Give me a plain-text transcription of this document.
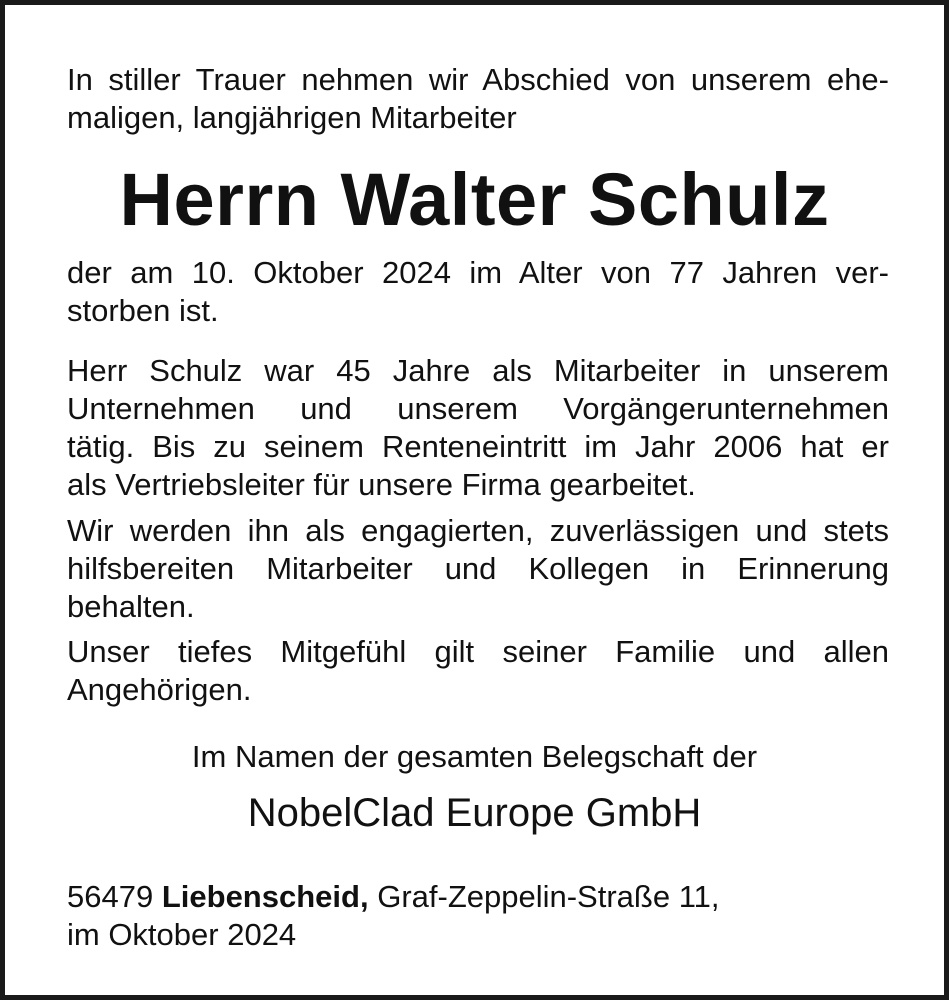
In stiller Trauer nehmen wir Abschied von unserem ehe-
maligen, langjährigen Mitarbeiter

Herrn Walter Schulz

der am 10. Oktober 2024 im Alter von 77 Jahren ver-
storben ist.

Herr Schulz war 45 Jahre als Mitarbeiter in unserem
Unternehmen und unserem Vorgängerunternehmen
tätig. Bis zu seinem Renteneintritt im Jahr 2006 hat er
als Vertriebsleiter für unsere Firma gearbeitet.

Wir werden ihn als engagierten, zuverlässigen und stets
hilfsbereiten Mitarbeiter und Kollegen in Erinnerung
behalten.

Unser tiefes Mitgefühl gilt seiner Familie und allen
Angehörigen.

Im Namen der gesamten Belegschaft der

NobelClad Europe GmbH

56479 Liebenscheid, Graf-Zeppelin-Straße 11,
im Oktober 2024
